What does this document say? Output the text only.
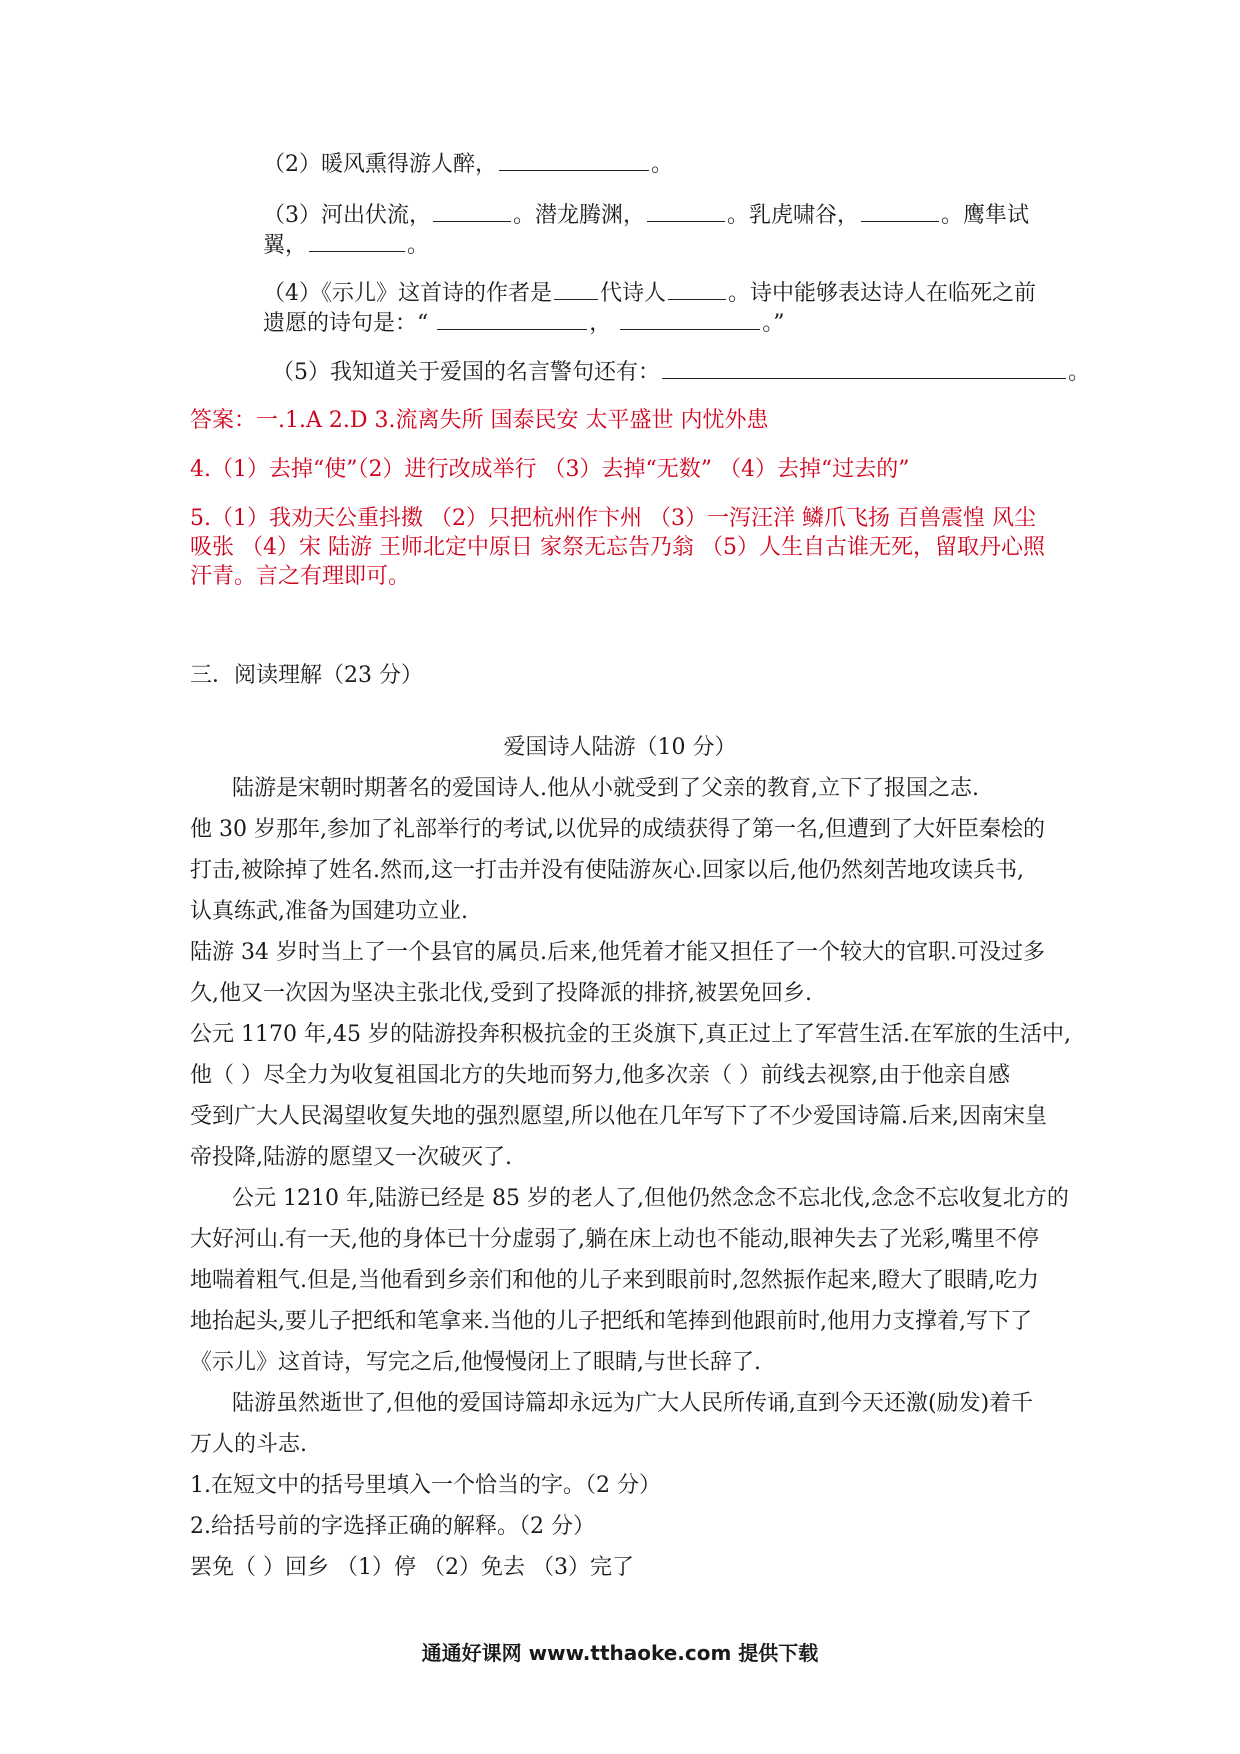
（2）暖风熏得游人醉，	。
（3）河出伏流，	。潜龙腾渊，	。乳虎啸谷，	。鹰隼试
翼，	。
（4）《示儿》这首诗的作者是 代诗人	。诗中能够表达诗人在临死之前
遗愿的诗句是：“	，	。”
（5）我知道关于爱国的名言警句还有：	。
答案：一.1.A 2.D 3.流离失所 国泰民安 太平盛世 内忧外患
4.（1）去掉“使”（2）进行改成举行 （3）去掉“无数” （4）去掉“过去的”
5.（1）我劝天公重抖擞 （2）只把杭州作卞州 （3）一泻汪洋 鳞爪飞扬 百兽震惶 风尘
吸张 （4）宋 陆游 王师北定中原日 家祭无忘告乃翁 （5）人生自古谁无死，留取丹心照
汗青。言之有理即可。
三．阅读理解（23 分）
爱国诗人陆游（10 分）
陆游是宋朝时期著名的爱国诗人.他从小就受到了父亲的教育,立下了报国之志.
他 30 岁那年,参加了礼部举行的考试,以优异的成绩获得了第一名,但遭到了大奸臣秦桧的
打击,被除掉了姓名.然而,这一打击并没有使陆游灰心.回家以后,他仍然刻苦地攻读兵书,
认真练武,准备为国建功立业.
陆游 34 岁时当上了一个县官的属员.后来,他凭着才能又担任了一个较大的官职.可没过多
久,他又一次因为坚决主张北伐,受到了投降派的排挤,被罢免回乡.
公元 1170 年,45 岁的陆游投奔积极抗金的王炎旗下,真正过上了军营生活.在军旅的生活中,
他（ ）尽全力为收复祖国北方的失地而努力,他多次亲（ ）前线去视察,由于他亲自感
受到广大人民渴望收复失地的强烈愿望,所以他在几年写下了不少爱国诗篇.后来,因南宋皇
帝投降,陆游的愿望又一次破灭了.
公元 1210 年,陆游已经是 85 岁的老人了,但他仍然念念不忘北伐,念念不忘收复北方的
大好河山.有一天,他的身体已十分虚弱了,躺在床上动也不能动,眼神失去了光彩,嘴里不停
地喘着粗气.但是,当他看到乡亲们和他的儿子来到眼前时,忽然振作起来,瞪大了眼睛,吃力
地抬起头,要儿子把纸和笔拿来.当他的儿子把纸和笔捧到他跟前时,他用力支撑着,写下了
《示儿》这首诗，写完之后,他慢慢闭上了眼睛,与世长辞了.
陆游虽然逝世了,但他的爱国诗篇却永远为广大人民所传诵,直到今天还激(励发)着千
万人的斗志.
1.在短文中的括号里填入一个恰当的字。（2 分）
2.给括号前的字选择正确的解释。（2 分）
罢免（ ）回乡 （1）停 （2）免去 （3）完了
通通好课网 www.tthaoke.com 提供下载
